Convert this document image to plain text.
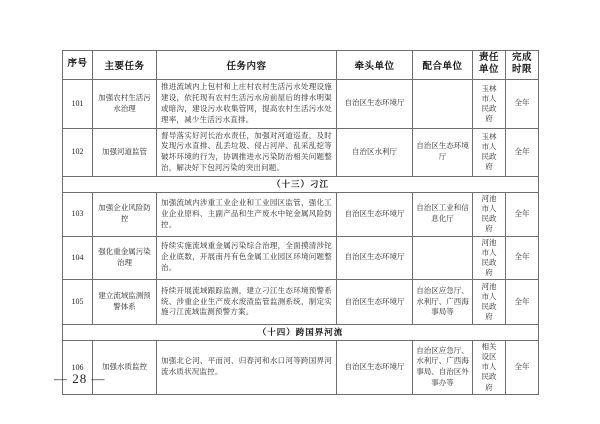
序号	主要任务	任务内容	牵头单位	配合单位	责任单位	完成时限
101	加强农村生活污水治理	推进流域内上包村和上庄村农村生活污水处理设施建设，依托现有农村生活污水房前屋后的排水明渠或暗沟，建设污水收集管网，提高农村生活污水处理率，减少生活污水直排。	自治区生态环境厅		玉林市人民政府	全年
102	加强河道监管	督导落实好河长治水责任，加强对河道巡查，及时发现污水直排、乱丢垃圾、侵占河岸、乱采乱挖等破坏环境的行为，协调推进水污染防治相关问题整治，解决好下包河污染的突出问题。	自治区水利厅	自治区生态环境厅	玉林市人民政府	全年
（十三）刁江						
103	加强企业风险防控	加强流域内涉重工业企业和工业园区监管，强化工业企业原料、主副产品和生产废水中铊金属风险防控。	自治区生态环境厅	自治区工业和信息化厅	河池市人民政府	全年
104	强化重金属污染治理	持续实施流域重金属污染综合治理，全面摸清涉铊企业底数，开展南丹有色金属工业园区环境问题整治。	自治区生态环境厅		河池市人民政府	全年
105	建立流域监测预警体系	持续开展流域跟踪监测，建立刁江生态环境预警系统、涉重企业生产废水废渣监管监测系统，制定实施刁江流域监测预警方案。	自治区生态环境厅	自治区应急厅、水利厅、广西海事局等	河池市人民政府	全年
（十四）跨国界河流						
106	加强水质监控	加强北仑河、平而河、归春河和水口河等跨国界河流水质状况监控。	自治区生态环境厅	自治区应急厅、水利厅、广西海事局、自治区外事办等	相关设区市人民政府	全年
— 28 —
